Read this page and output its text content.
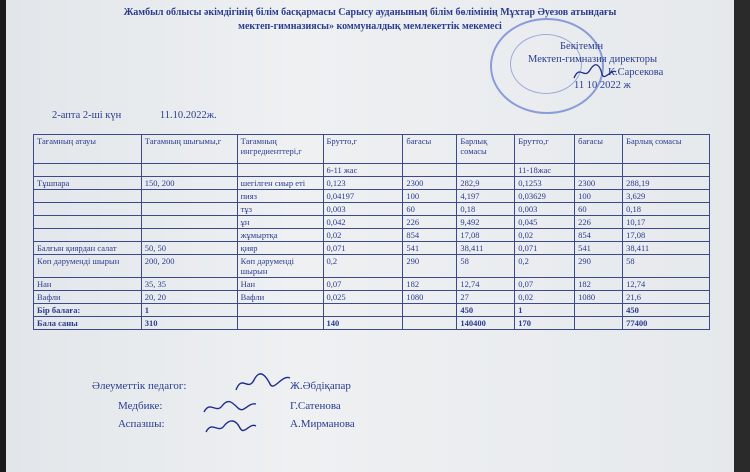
Жамбыл облысы әкімдігінің білім басқармасы Сарысу ауданының білім бөлімінің Мұхтар Әуезов атындағы
мектеп-гимназиясы» коммуналдық мемлекеттік мекемесі
Бекітемін
Мектеп-гимназия директоры
К.Сарсекова
11 10 2022 ж
2-апта 2-ші күн	11.10.2022ж.
Тағамның атауы	Тағамның шығымы,г	Тағамның ингредиенттері,г	Брутто,г	бағасы	Барлық сомасы	Брутто,г	бағасы	Барлық сомасы
			6-11 жас			11-18жас		
Тұшпара	150, 200	шегілген сиыр еті	0,123	2300	282,9	0,1253	2300	288,19
		пияз	0,04197	100	4,197	0,03629	100	3,629
		тұз	0,003	60	0,18	0,003	60	0,18
		ұн	0,042	226	9,492	0,045	226	10,17
		жұмыртқа	0,02	854	17,08	0,02	854	17,08
Балғын қиярдан салат	50, 50	қияр	0,071	541	38,411	0,071	541	38,411
Көп дәрумендi шырын	200, 200	Көп дәрумендi шырын	0,2	290	58	0,2	290	58
Нан	35, 35	Нан	0,07	182	12,74	0,07	182	12,74
Вафли	20, 20	Вафли	0,025	1080	27	0,02	1080	21,6
Бір балаға:	1				450	1		450
Бала саны	310		140		140400	170		77400
Әлеуметтік педагог:	Ж.Әбдіқапар
Медбике:	Г.Сатенова
Аспазшы:	А.Мирманова
